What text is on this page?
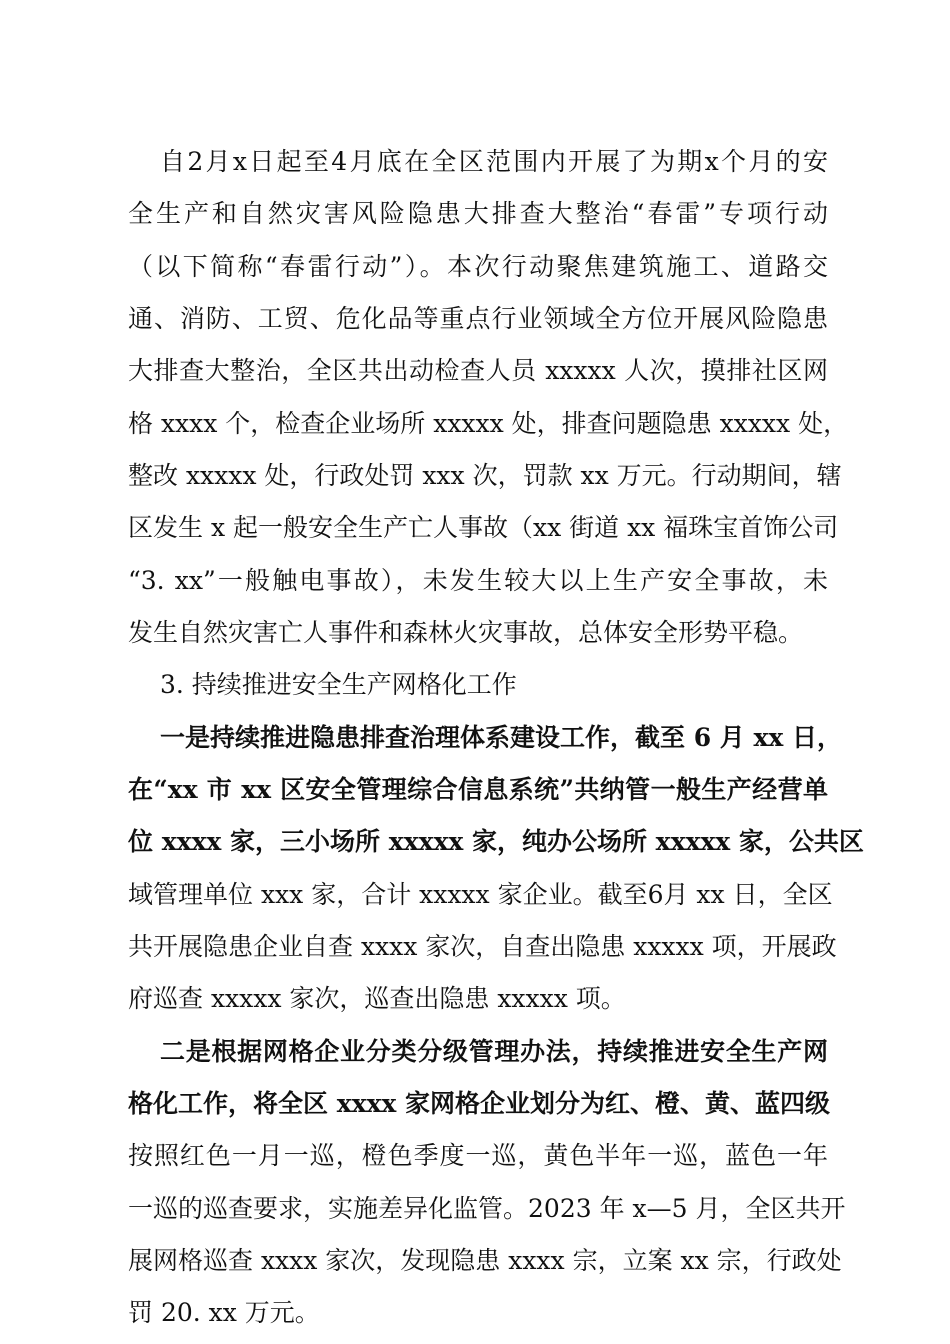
自2月x日起至4月底在全区范围内开展了为期x个月的安
全生产和自然灾害风险隐患大排查大整治“春雷”专项行动
（以下简称“春雷行动”）。本次行动聚焦建筑施工、道路交
通、消防、工贸、危化品等重点行业领域全方位开展风险隐患
大排查大整治，全区共出动检查人员 xxxxx 人次，摸排社区网
格 xxxx 个，检查企业场所 xxxxx 处，排查问题隐患 xxxxx 处，
整改 xxxxx 处，行政处罚 xxx 次，罚款 xx 万元。行动期间，辖
区发生 x 起一般安全生产亡人事故（xx 街道 xx 福珠宝首饰公司
“3. xx”一般触电事故），未发生较大以上生产安全事故，未
发生自然灾害亡人事件和森林火灾事故，总体安全形势平稳。
3. 持续推进安全生产网格化工作
一是持续推进隐患排查治理体系建设工作，截至 6 月 xx 日，
在“xx 市 xx 区安全管理综合信息系统”共纳管一般生产经营单
位 xxxx 家，三小场所 xxxxx 家，纯办公场所 xxxxx 家，公共区
域管理单位 xxx 家，合计 xxxxx 家企业。截至6月 xx 日，全区
共开展隐患企业自查 xxxx 家次，自查出隐患 xxxxx 项，开展政
府巡查 xxxxx 家次，巡查出隐患 xxxxx 项。
二是根据网格企业分类分级管理办法，持续推进安全生产网
格化工作，将全区 xxxx 家网格企业划分为红、橙、黄、蓝四级
按照红色一月一巡，橙色季度一巡，黄色半年一巡，蓝色一年
一巡的巡查要求，实施差异化监管。2023 年 x—5 月，全区共开
展网格巡查 xxxx 家次，发现隐患 xxxx 宗，立案 xx 宗，行政处
罚 20. xx 万元。
